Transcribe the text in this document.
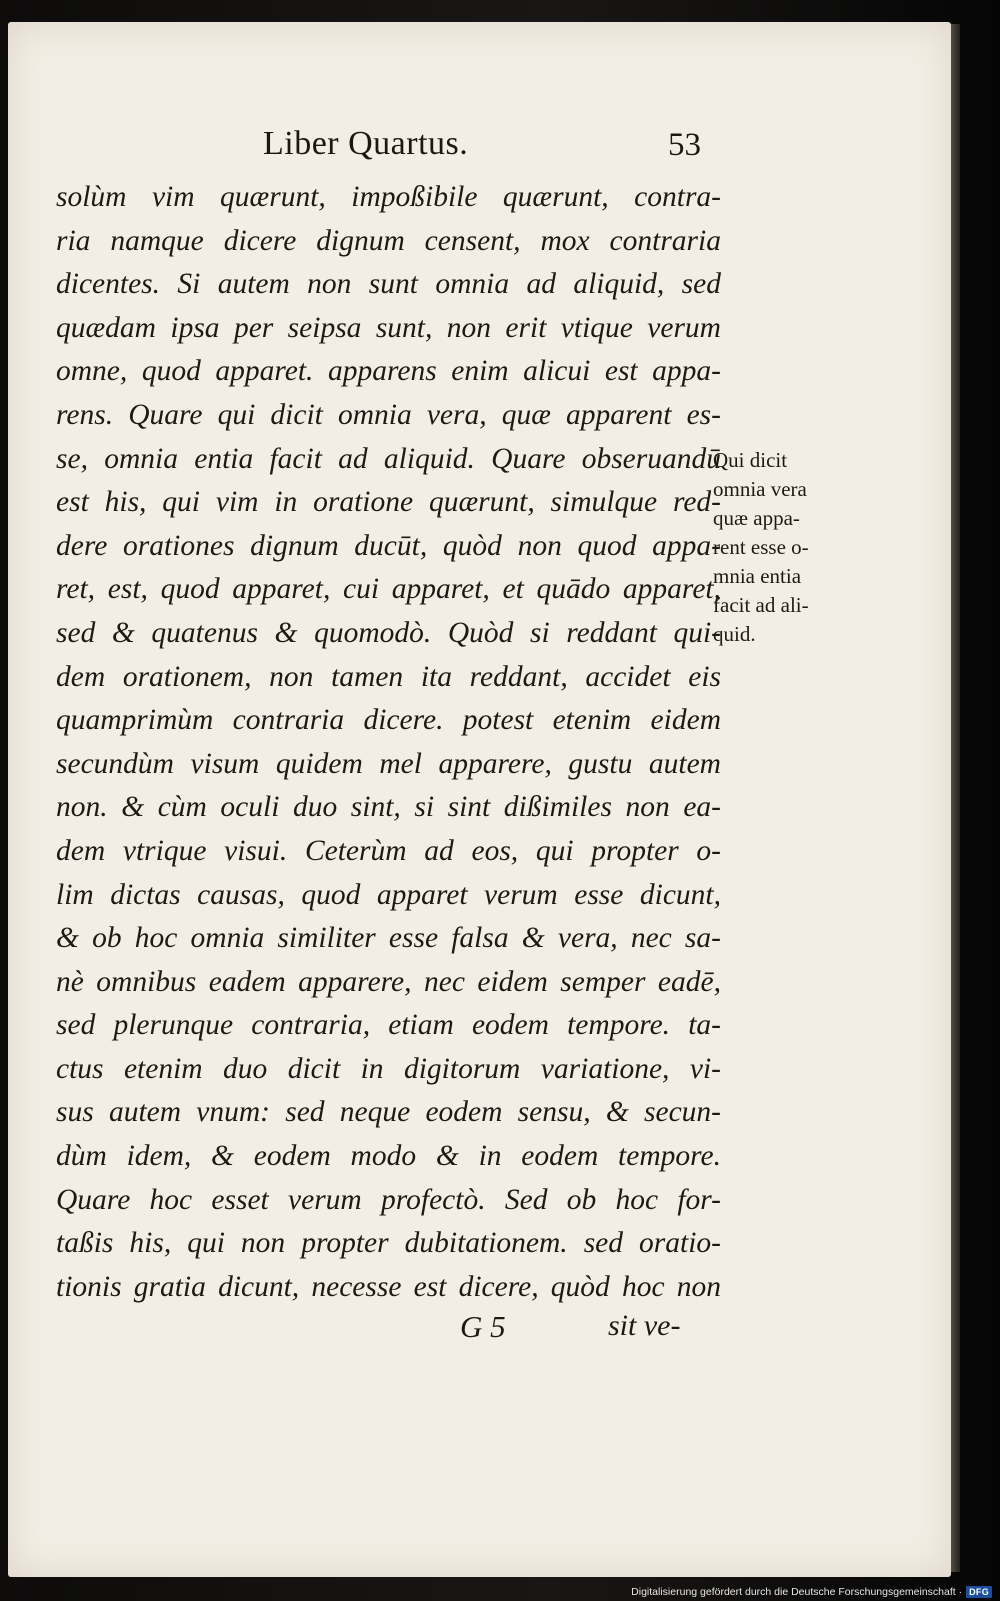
Liber Quartus.	53
solùm vim quærunt, impoßibile quærunt, contra-
ria namque dicere dignum censent, mox contraria
dicentes. Si autem non sunt omnia ad aliquid, sed
quædam ipsa per seipsa sunt, non erit vtique verum
omne, quod apparet. apparens enim alicui est appa-
rens. Quare qui dicit omnia vera, quæ apparent es-
se, omnia entia facit ad aliquid. Quare obseruandū
est his, qui vim in oratione quærunt, simulque red-
dere orationes dignum ducūt, quòd non quod appa-
ret, est, quod apparet, cui apparet, et quādo apparet,
sed & quatenus & quomodò. Quòd si reddant qui-
dem orationem, non tamen ita reddant, accidet eis
quamprimùm contraria dicere. potest etenim eidem
secundùm visum quidem mel apparere, gustu autem
non. & cùm oculi duo sint, si sint dißimiles non ea-
dem vtrique visui. Ceterùm ad eos, qui propter o-
lim dictas causas, quod apparet verum esse dicunt,
& ob hoc omnia similiter esse falsa & vera, nec sa-
nè omnibus eadem apparere, nec eidem semper eadē,
sed plerunque contraria, etiam eodem tempore. ta-
ctus etenim duo dicit in digitorum variatione, vi-
sus autem vnum: sed neque eodem sensu, & secun-
dùm idem, & eodem modo & in eodem tempore.
Quare hoc esset verum profectò. Sed ob hoc for-
taßis his, qui non propter dubitationem. sed oratio-
tionis gratia dicunt, necesse est dicere, quòd hoc non
Qui dicit
omnia vera
quæ appa-
rent esse o-
mnia entia
facit ad ali-
quid.
G 5	sit ve-
Digitalisierung gefördert durch die Deutsche Forschungsgemeinschaft · DFG
